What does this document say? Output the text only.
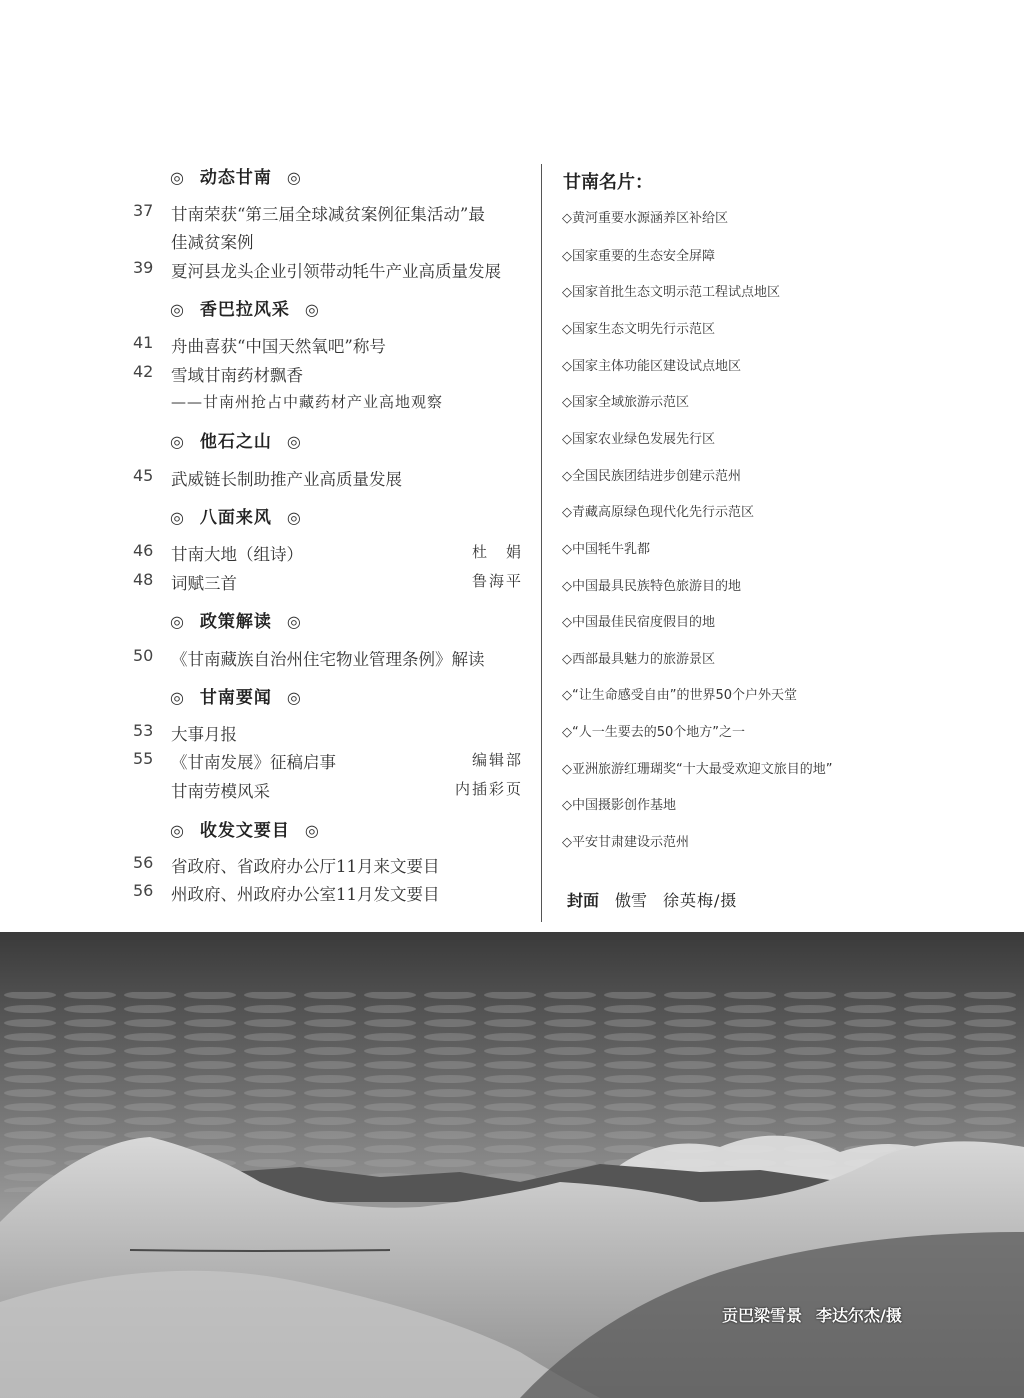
◎ 动态甘南 ◎
37	甘南荣获“第三届全球减贫案例征集活动”最
佳减贫案例
39	夏河县龙头企业引领带动牦牛产业高质量发展
◎ 香巴拉风采 ◎
41	舟曲喜获“中国天然氧吧”称号
42	雪域甘南药材飘香
——甘南州抢占中藏药材产业高地观察
◎ 他石之山 ◎
45	武威链长制助推产业高质量发展
◎ 八面来风 ◎
46	甘南大地（组诗）	杜　娟
48	词赋三首	鲁海平
◎ 政策解读 ◎
50	《甘南藏族自治州住宅物业管理条例》解读
◎ 甘南要闻 ◎
53	大事月报
55	《甘南发展》征稿启事	编辑部
甘南劳模风采	内插彩页
◎ 收发文要目 ◎
56	省政府、省政府办公厅11月来文要目
56	州政府、州政府办公室11月发文要目
甘南名片：
◇黄河重要水源涵养区补给区
◇国家重要的生态安全屏障
◇国家首批生态文明示范工程试点地区
◇国家生态文明先行示范区
◇国家主体功能区建设试点地区
◇国家全域旅游示范区
◇国家农业绿色发展先行区
◇全国民族团结进步创建示范州
◇青藏高原绿色现代化先行示范区
◇中国牦牛乳都
◇中国最具民族特色旅游目的地
◇中国最佳民宿度假目的地
◇西部最具魅力的旅游景区
◇“让生命感受自由”的世界50个户外天堂
◇“人一生要去的50个地方”之一
◇亚洲旅游红珊瑚奖“十大最受欢迎文旅目的地”
◇中国摄影创作基地
◇平安甘肃建设示范州
封面 傲雪 徐英梅/摄
贡巴梁雪景 李达尔杰/摄
